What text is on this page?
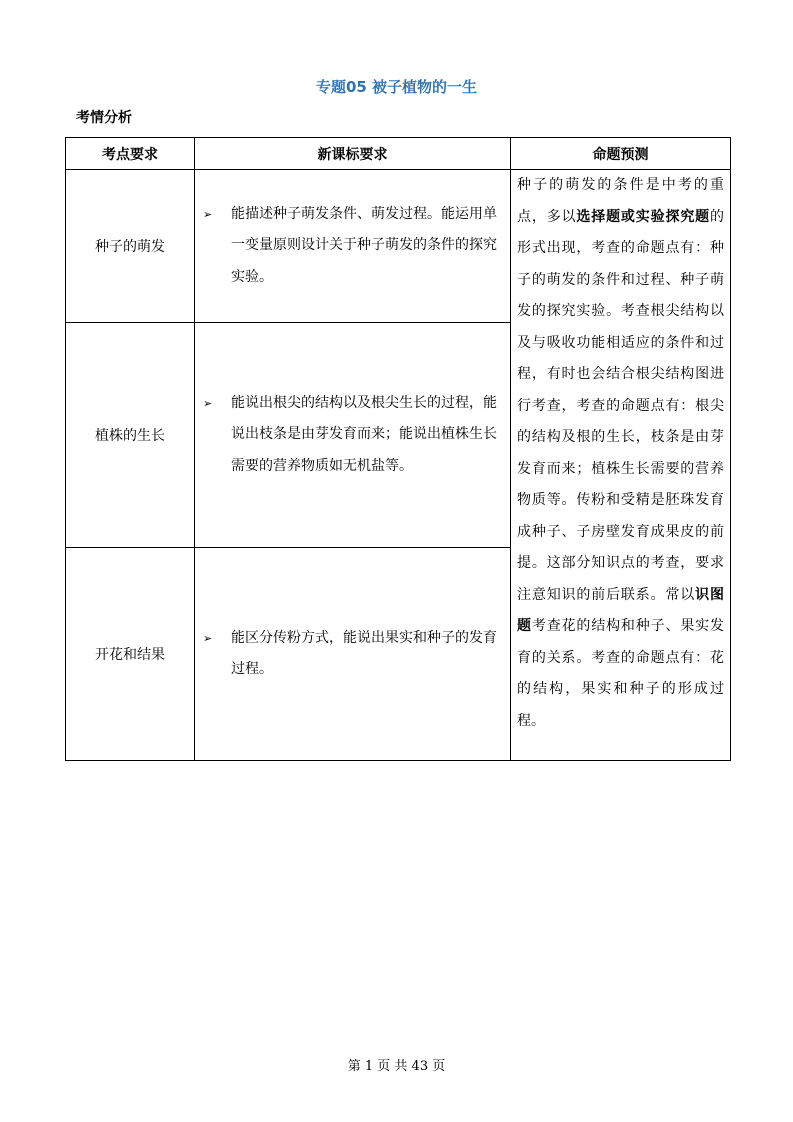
专题05 被子植物的一生
考情分析
考点要求	新课标要求	命题预测
种子的萌发	➢ 能描述种子萌发条件、萌发过程。能运用单一变量原则设计关于种子萌发的条件的探究实验。	种子的萌发的条件是中考的重点，多以选择题或实验探究题的形式出现，考查的命题点有：种子的萌发的条件和过程、种子萌发的探究实验。考查根尖结构以及与吸收功能相适应的条件和过程，有时也会结合根尖结构图进行考查，考查的命题点有：根尖的结构及根的生长，枝条是由芽发育而来；植株生长需要的营养物质等。传粉和受精是胚珠发育成种子、子房壁发育成果皮的前提。这部分知识点的考查，要求注意知识的前后联系。常以识图题考查花的结构和种子、果实发育的关系。考查的命题点有：花的结构，果实和种子的形成过程。
植株的生长	➢ 能说出根尖的结构以及根尖生长的过程，能说出枝条是由芽发育而来；能说出植株生长需要的营养物质如无机盐等。	

开花和结果	➢ 能区分传粉方式，能说出果实和种子的发育过程。	
第 1 页 共 43 页
